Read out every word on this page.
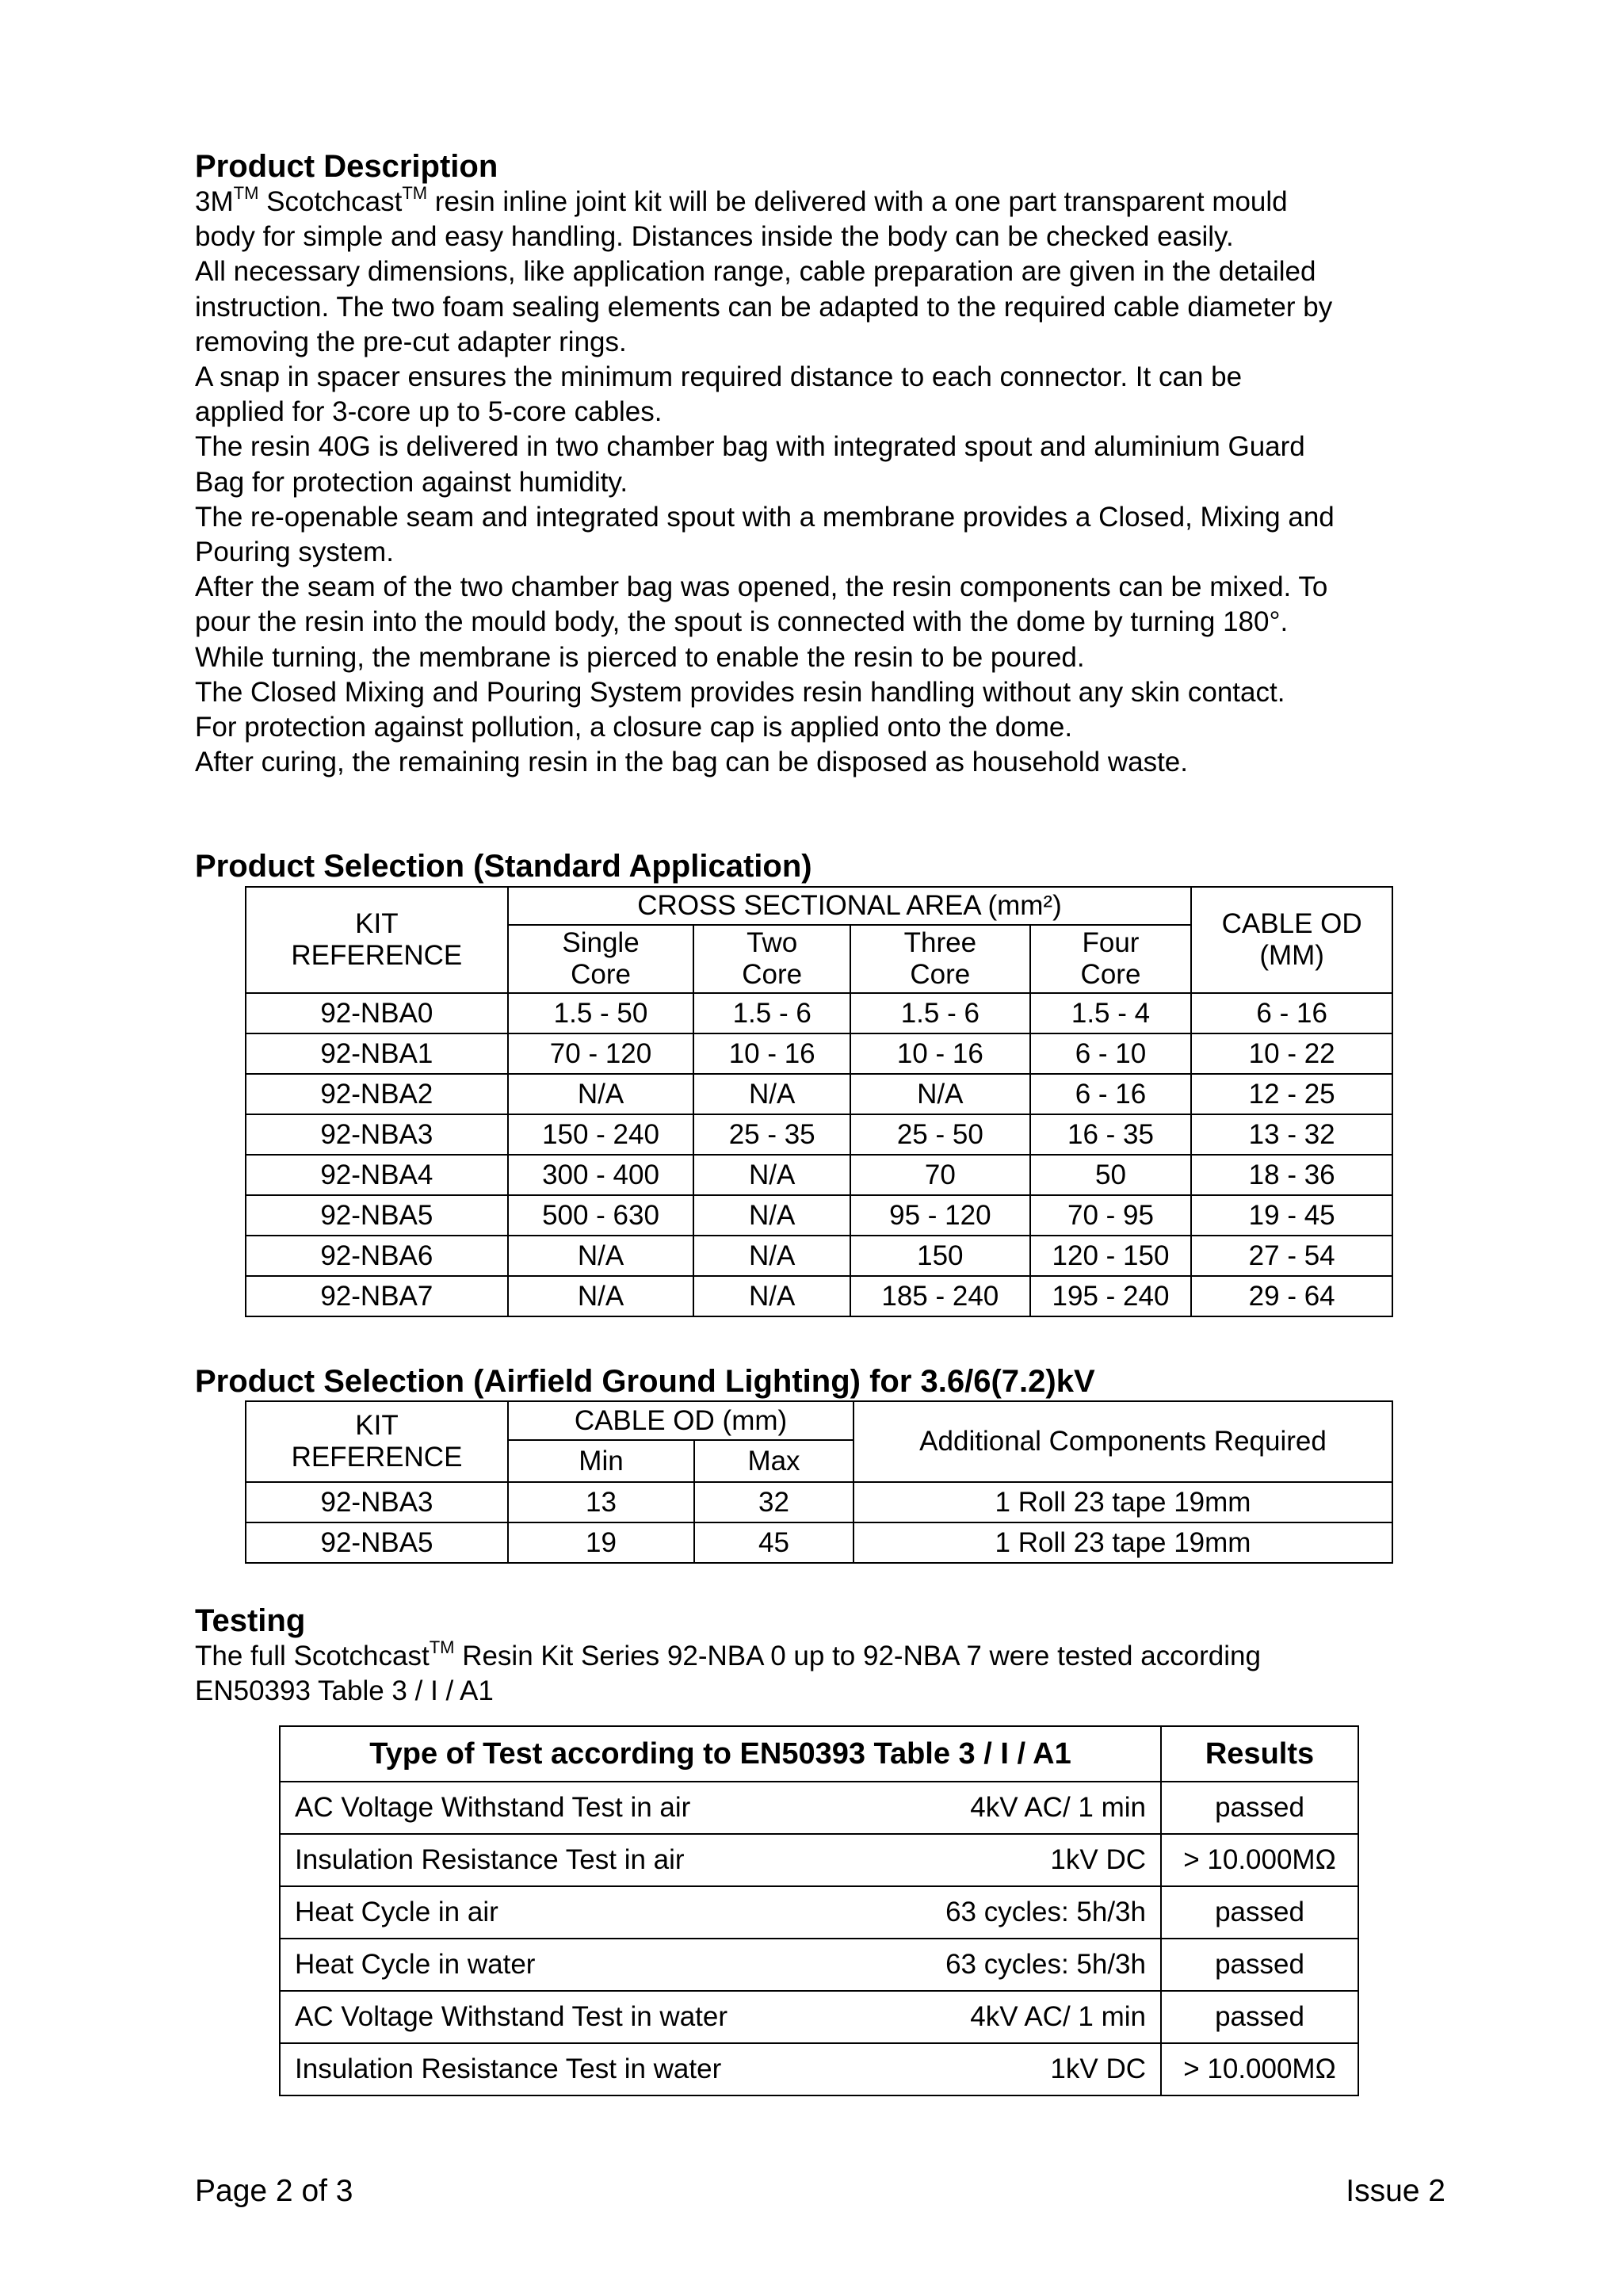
Product Description
3M™ Scotchcast™ resin inline joint kit will be delivered with a one part transparent mould
body for simple and easy handling. Distances inside the body can be checked easily.
All necessary dimensions, like application range, cable preparation are given in the detailed
instruction. The two foam sealing elements can be adapted to the required cable diameter by
removing the pre-cut adapter rings.
A snap in spacer ensures the minimum required distance to each connector. It can be
applied for 3-core up to 5-core cables.
The resin 40G is delivered in two chamber bag with integrated spout and aluminium Guard
Bag for protection against humidity.
The re-openable seam and integrated spout with a membrane provides a Closed, Mixing and
Pouring system.
After the seam of the two chamber bag was opened, the resin components can be mixed. To
pour the resin into the mould body, the spout is connected with the dome by turning 180°.
While turning, the membrane is pierced to enable the resin to be poured.
The Closed Mixing and Pouring System provides resin handling without any skin contact.
For protection against pollution, a closure cap is applied onto the dome.
After curing, the remaining resin in the bag can be disposed as household waste.
Product Selection (Standard Application)
KIT
REFERENCE	CROSS SECTIONAL AREA (mm²)				CABLE OD
(MM)
	Single
Core	Two
Core	Three
Core	Four
Core	
92-NBA0	1.5 - 50	1.5 - 6	1.5 - 6	1.5 - 4	6 - 16
92-NBA1	70 - 120	10 - 16	10 - 16	6 - 10	10 - 22
92-NBA2	N/A	N/A	N/A	6 - 16	12 - 25
92-NBA3	150 - 240	25 - 35	25 - 50	16 - 35	13 - 32
92-NBA4	300 - 400	N/A	70	50	18 - 36
92-NBA5	500 - 630	N/A	95 - 120	70 - 95	19 - 45
92-NBA6	N/A	N/A	150	120 - 150	27 - 54
92-NBA7	N/A	N/A	185 - 240	195 - 240	29 - 64
Product Selection (Airfield Ground Lighting) for 3.6/6(7.2)kV
KIT
REFERENCE	CABLE OD (mm)		Additional Components Required
	Min	Max	
92-NBA3	13	32	1 Roll 23 tape 19mm
92-NBA5	19	45	1 Roll 23 tape 19mm
Testing
The full Scotchcast™ Resin Kit Series 92-NBA 0 up to 92-NBA 7 were tested according
EN50393 Table 3 / I / A1
Type of Test according to EN50393 Table 3 / I / A1	Results

AC Voltage Withstand Test in air 4kV AC/ 1 min	passed

Insulation Resistance Test in air 1kV DC	> 10.000MΩ

Heat Cycle in air 63 cycles: 5h/3h	passed

Heat Cycle in water 63 cycles: 5h/3h	passed

AC Voltage Withstand Test in water 4kV AC/ 1 min	passed

Insulation Resistance Test in water 1kV DC	> 10.000MΩ
Page 2 of 3	Issue 2
